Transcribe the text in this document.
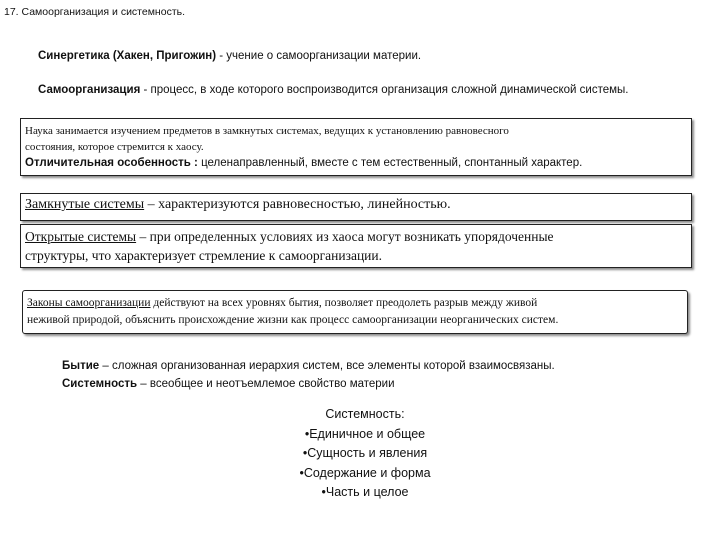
17. Самоорганизация и системность.
Синергетика (Хакен, Пригожин) - учение о самоорганизации материи.
Самоорганизация - процесс, в ходе которого воспроизводится организация сложной динамической системы.
Наука занимается изучением предметов в замкнутых системах, ведущих к установлению равновесного
состояния, которое стремится к хаосу.
Отличительная особенность : целенаправленный, вместе с тем естественный, спонтанный характер.
Замкнутые системы – характеризуются равновесностью, линейностью.
Открытые системы – при определенных условиях из хаоса могут возникать упорядоченные
структуры, что характеризует стремление к самоорганизации.
Законы самоорганизации действуют на всех уровнях бытия, позволяет преодолеть разрыв между живой
неживой природой, объяснить происхождение жизни как процесс самоорганизации неорганических систем.
Бытие – сложная организованная иерархия систем, все элементы которой взаимосвязаны.
Системность – всеобщее и неотъемлемое свойство материи
Системность:
•Единичное и общее
•Сущность и явления
•Содержание и форма
•Часть и целое
